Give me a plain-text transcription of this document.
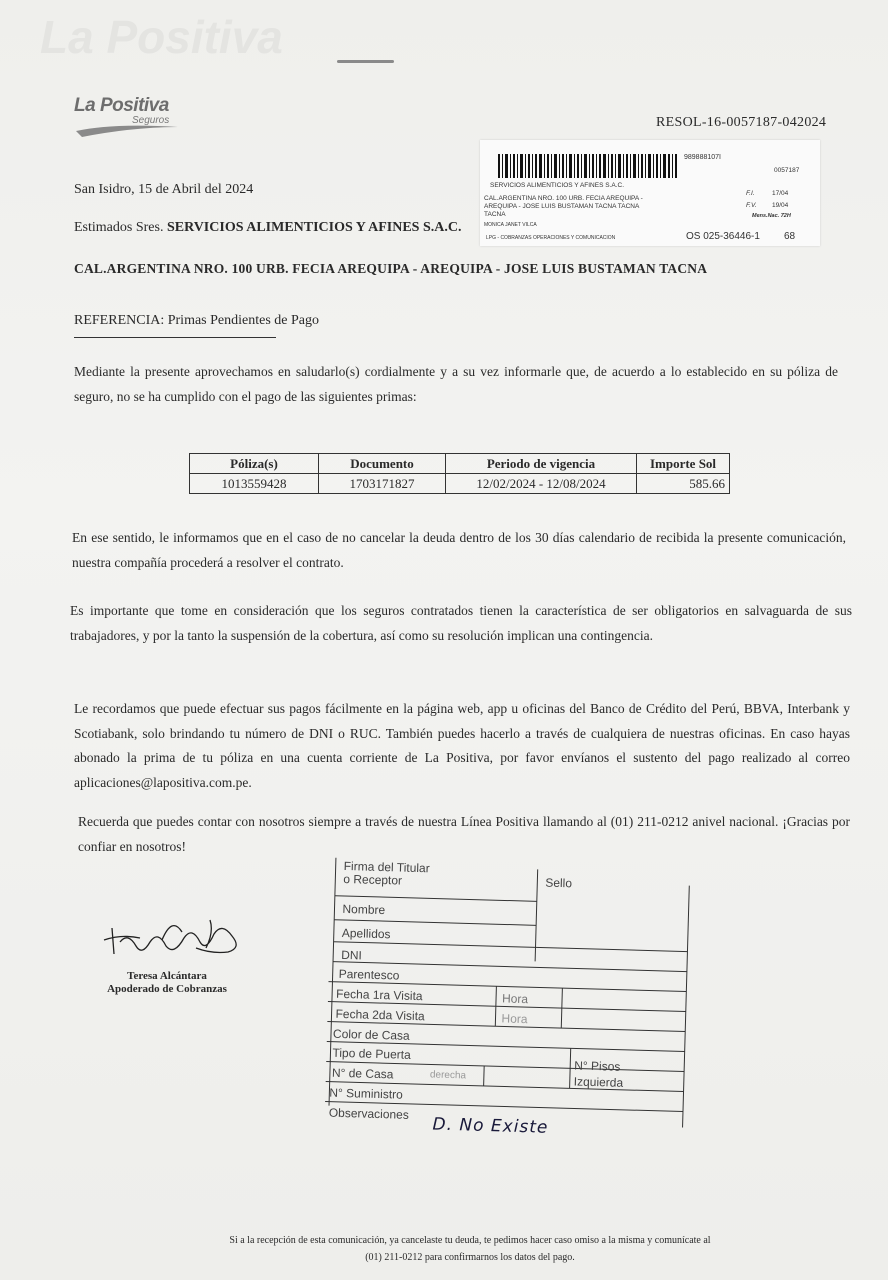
La Positiva
La Positiva
Seguros	RESOL-16-0057187-042024
989888107I
0057187
SERVICIOS ALIMENTICIOS Y AFINES S.A.C.
CAL.ARGENTINA NRO. 100 URB. FECIA AREQUIPA -
AREQUIPA - JOSE LUIS BUSTAMAN TACNA TACNA
TACNA
MONICA JANET VILCA
LPG - COBRANZAS OPERACIONES Y COMUNICACION
F.I.	17/04
F.V. 19/04
Mens.Nac. 72H
OS 025-36446-1 68
San Isidro, 15 de Abril del 2024
Estimados Sres. SERVICIOS ALIMENTICIOS Y AFINES S.A.C.
CAL.ARGENTINA NRO. 100 URB. FECIA AREQUIPA - AREQUIPA - JOSE LUIS BUSTAMAN TACNA
REFERENCIA: Primas Pendientes de Pago
Mediante la presente aprovechamos en saludarlo(s) cordialmente y a su vez informarle que, de acuerdo a lo establecido en su póliza de seguro, no se ha cumplido con el pago de las siguientes primas:
Póliza(s)	Documento	Periodo de vigencia	Importe Sol
1013559428	1703171827	12/02/2024 - 12/08/2024	585.66
En ese sentido, le informamos que en el caso de no cancelar la deuda dentro de los 30 días calendario de recibida la presente comunicación, nuestra compañía procederá a resolver el contrato.
Es importante que tome en consideración que los seguros contratados tienen la característica de ser obligatorios en salvaguarda de sus trabajadores, y por la tanto la suspensión de la cobertura, así como su resolución implican una contingencia.
Le recordamos que puede efectuar sus pagos fácilmente en la página web, app u oficinas del Banco de Crédito del Perú, BBVA, Interbank y Scotiabank, solo brindando tu número de DNI o RUC. También puedes hacerlo a través de cualquiera de nuestras oficinas. En caso hayas abonado la prima de tu póliza en una cuenta corriente de La Positiva, por favor envíanos el sustento del pago realizado al correo aplicaciones@lapositiva.com.pe.
Recuerda que puedes contar con nosotros siempre a través de nuestra Línea Positiva llamando al (01) 211-0212 anivel nacional. ¡Gracias por confiar en nosotros!
Teresa Alcántara
Apoderado de Cobranzas
Firma del Titular
o Receptor	Sello
Nombre
Apellidos
DNI
Parentesco
Fecha 1ra Visita	Hora
Fecha 2da Visita	Hora
Color de Casa
Tipo de Puerta
N° Pisos
N° de Casa	derecha	Izquierda
N° Suministro
Observaciones
D. No Existe
Si a la recepción de esta comunicación, ya cancelaste tu deuda, te pedimos hacer caso omiso a la misma y comunícate al
(01) 211-0212 para confirmarnos los datos del pago.
